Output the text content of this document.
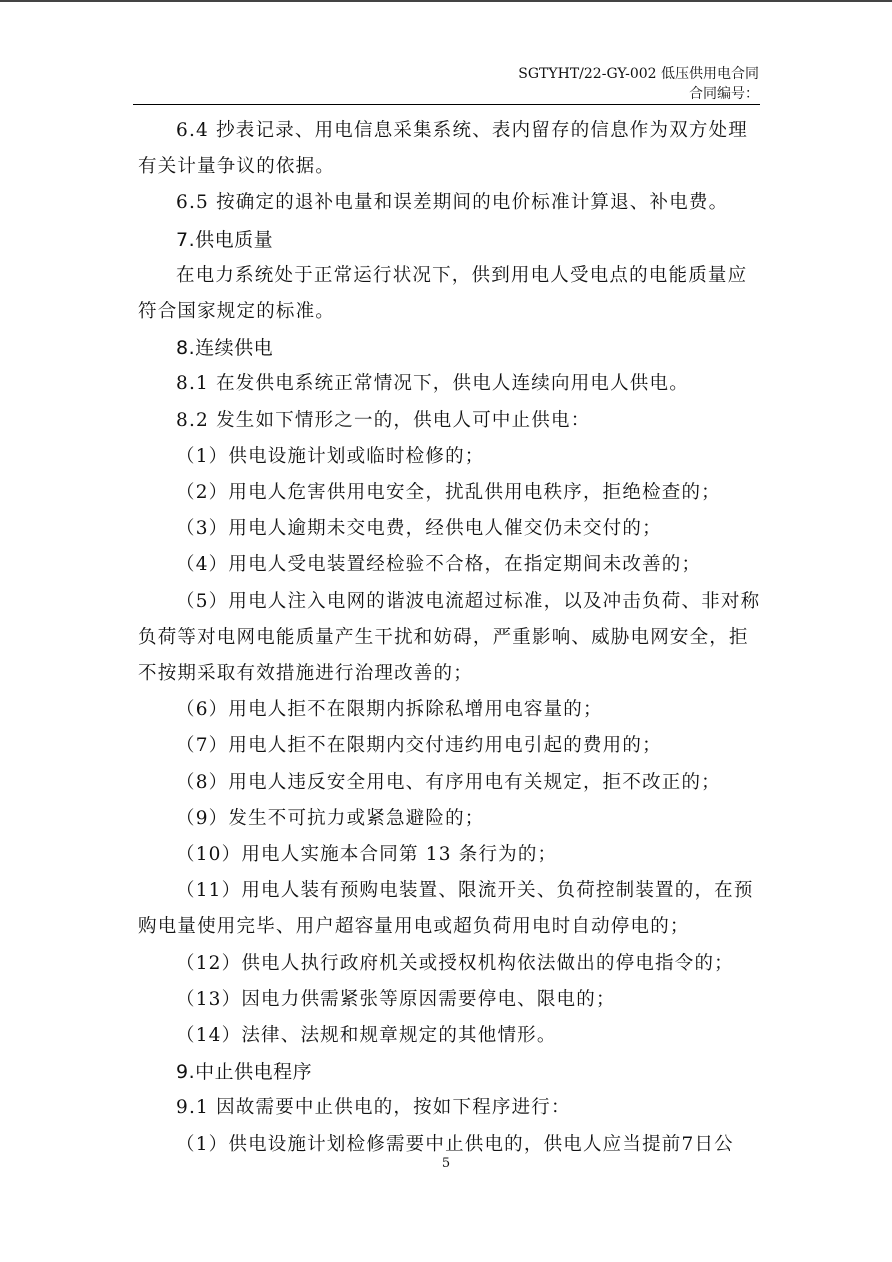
SGTYHT/22-GY-002 低压供用电合同
合同编号：

6.4 抄表记录、用电信息采集系统、表内留存的信息作为双方处理有关计量争议的依据。

6.5 按确定的退补电量和误差期间的电价标准计算退、补电费。

7.供电质量

在电力系统处于正常运行状况下，供到用电人受电点的电能质量应符合国家规定的标准。

8.连续供电

8.1 在发供电系统正常情况下，供电人连续向用电人供电。

8.2 发生如下情形之一的，供电人可中止供电：

（1）供电设施计划或临时检修的；

（2）用电人危害供用电安全，扰乱供用电秩序，拒绝检查的；

（3）用电人逾期未交电费，经供电人催交仍未交付的；

（4）用电人受电装置经检验不合格，在指定期间未改善的；

（5）用电人注入电网的谐波电流超过标准，以及冲击负荷、非对称负荷等对电网电能质量产生干扰和妨碍，严重影响、威胁电网安全，拒不按期采取有效措施进行治理改善的；

（6）用电人拒不在限期内拆除私增用电容量的；

（7）用电人拒不在限期内交付违约用电引起的费用的；

（8）用电人违反安全用电、有序用电有关规定，拒不改正的；

（9）发生不可抗力或紧急避险的；

（10）用电人实施本合同第 13 条行为的；

（11）用电人装有预购电装置、限流开关、负荷控制装置的，在预购电量使用完毕、用户超容量用电或超负荷用电时自动停电的；

（12）供电人执行政府机关或授权机构依法做出的停电指令的；

（13）因电力供需紧张等原因需要停电、限电的；

（14）法律、法规和规章规定的其他情形。

9.中止供电程序

9.1 因故需要中止供电的，按如下程序进行：

（1）供电设施计划检修需要中止供电的，供电人应当提前7日公

5
